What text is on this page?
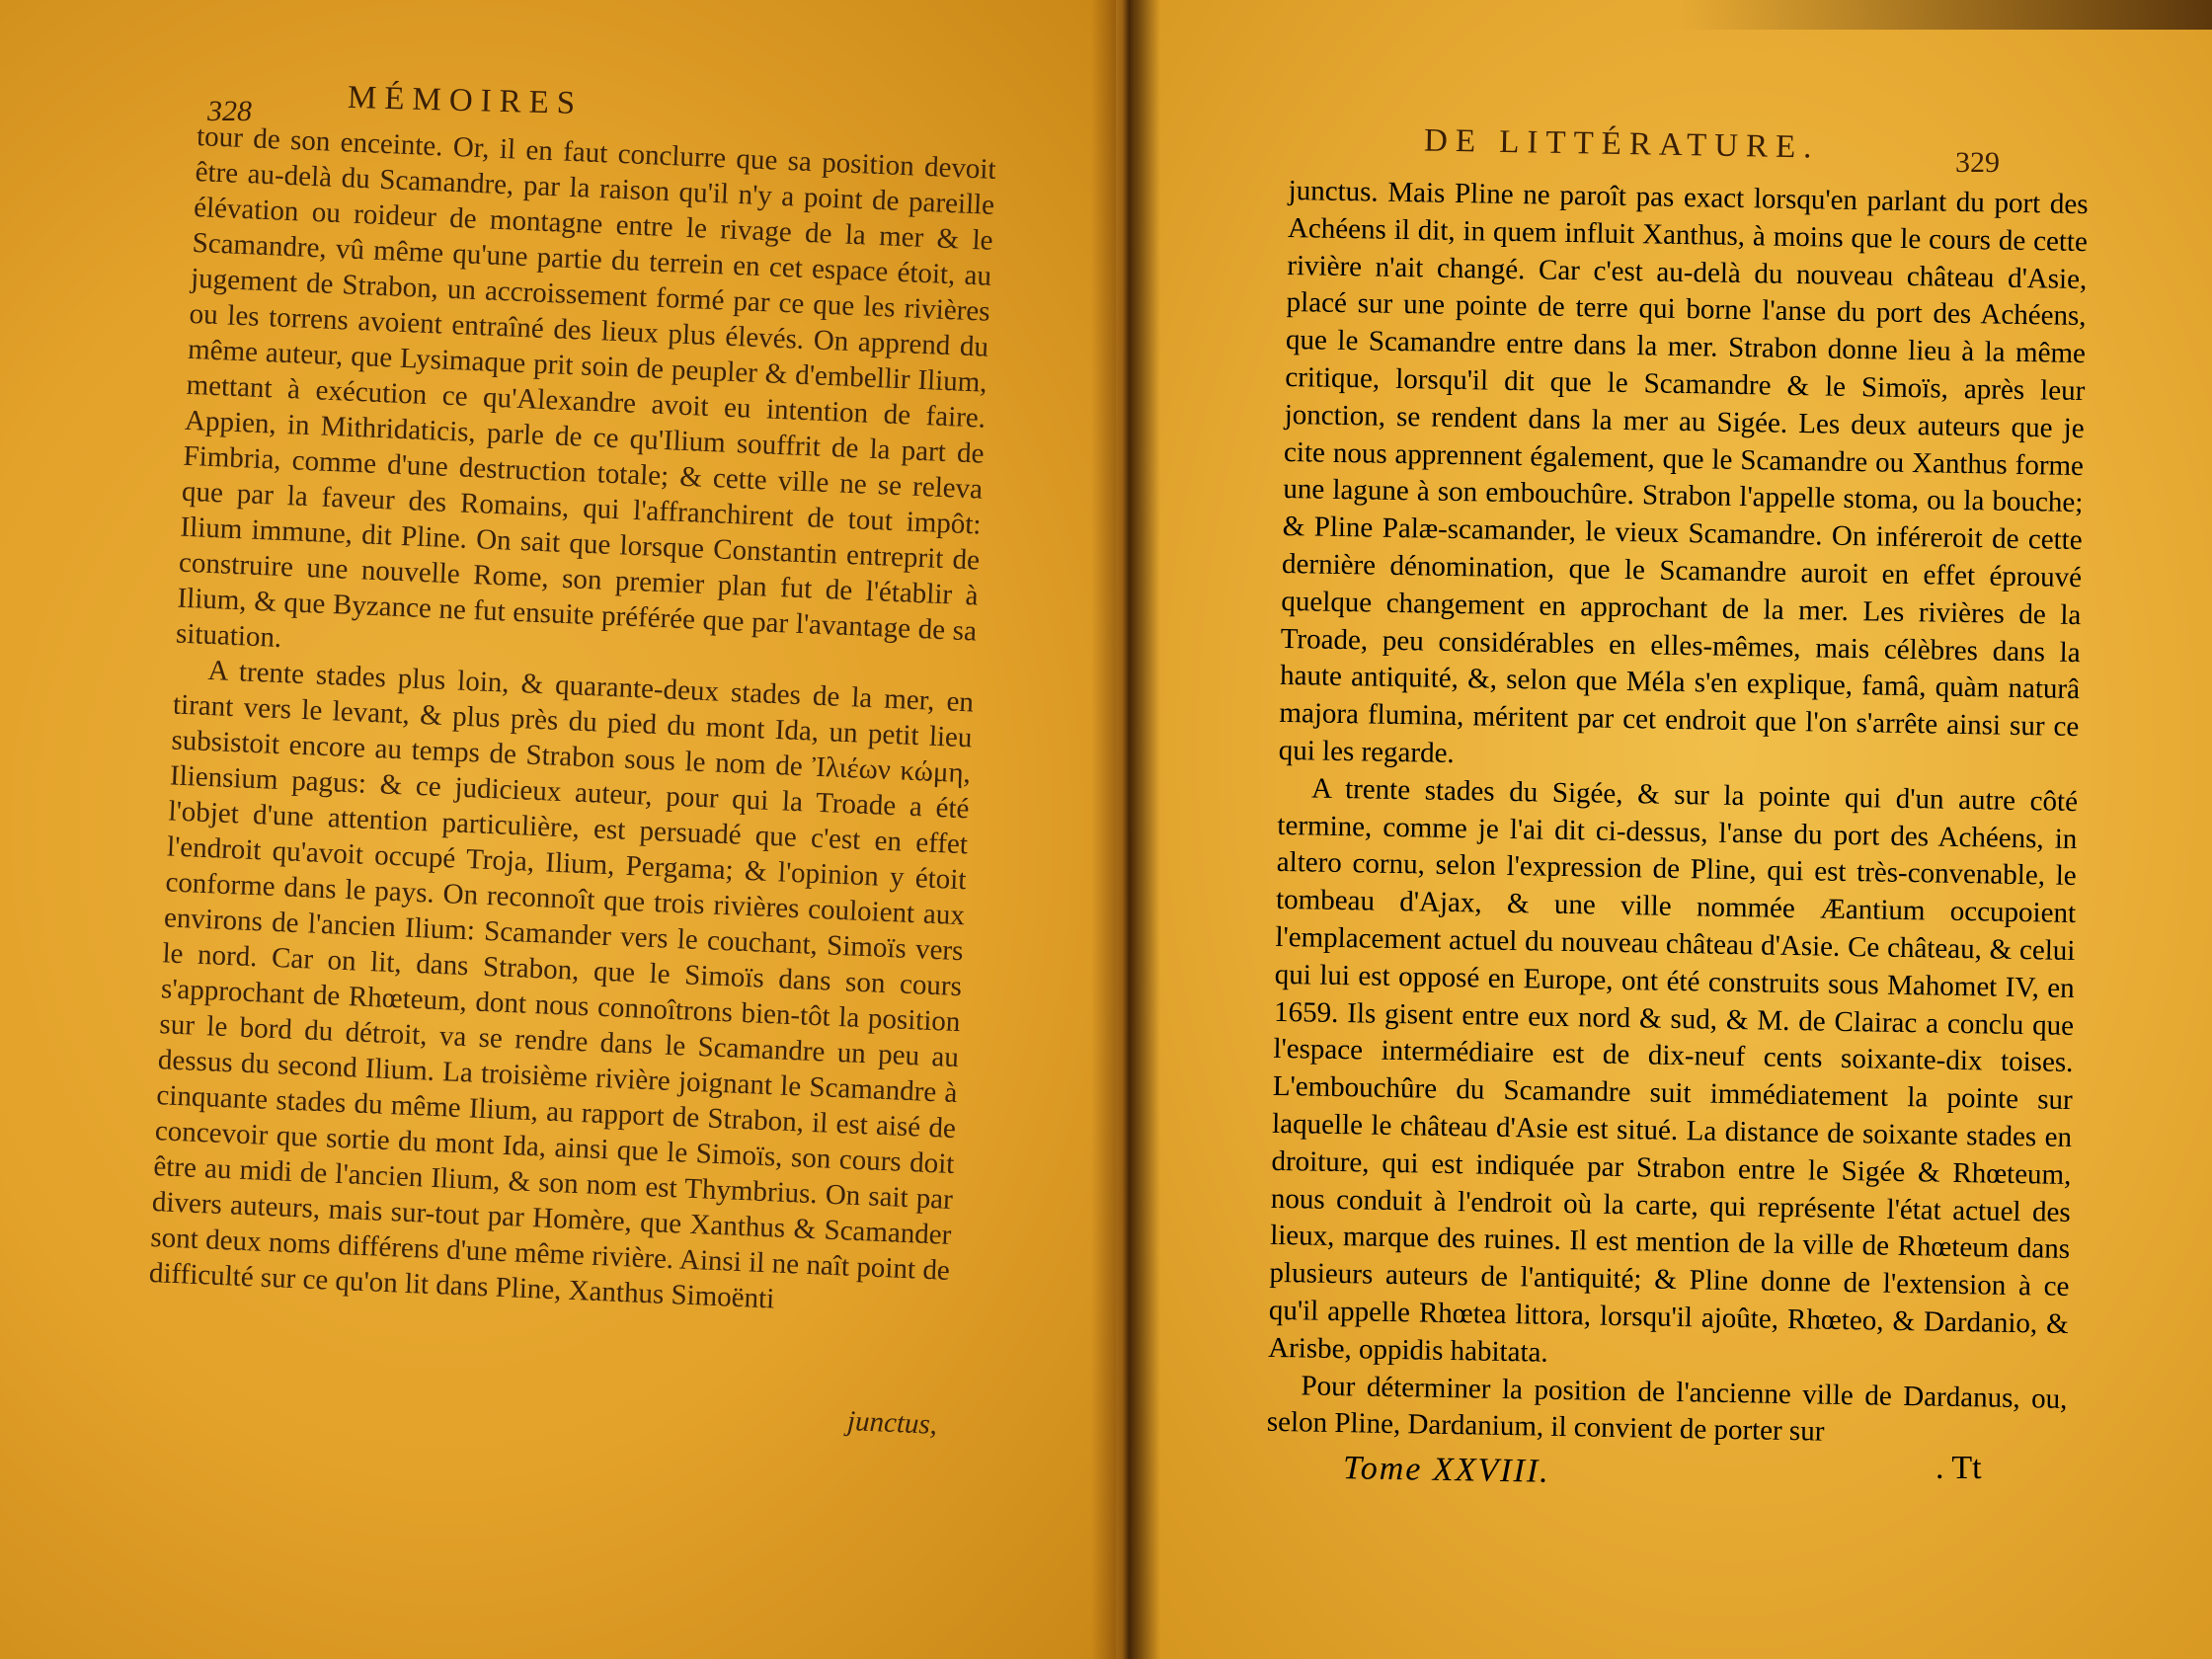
328	MÉMOIRES

tour de son enceinte. Or, il en faut conclurre que sa position devoit être au-delà du Scamandre, par la raison qu'il n'y a point de pareille élévation ou roideur de montagne entre le rivage de la mer & le Scamandre, vû même qu'une partie du terrein en cet espace étoit, au jugement de Strabon, un accroissement formé par ce que les rivières ou les torrens avoient entraîné des lieux plus élevés. On apprend du même auteur, que Lysimaque prit soin de peupler & d'embellir Ilium, mettant à exécution ce qu'Alexandre avoit eu intention de faire. Appien, in Mithridaticis, parle de ce qu'Ilium souffrit de la part de Fimbria, comme d'une destruction totale; & cette ville ne se releva que par la faveur des Romains, qui l'affranchirent de tout impôt: Ilium immune, dit Pline. On sait que lorsque Constantin entreprit de construire une nouvelle Rome, son premier plan fut de l'établir à Ilium, & que Byzance ne fut ensuite préférée que par l'avantage de sa situation.

A trente stades plus loin, & quarante-deux stades de la mer, en tirant vers le levant, & plus près du pied du mont Ida, un petit lieu subsistoit encore au temps de Strabon sous le nom de Ἰλιέων κώμη, Iliensium pagus: & ce judicieux auteur, pour qui la Troade a été l'objet d'une attention particulière, est persuadé que c'est en effet l'endroit qu'avoit occupé Troja, Ilium, Pergama; & l'opinion y étoit conforme dans le pays. On reconnoît que trois rivières couloient aux environs de l'ancien Ilium: Scamander vers le couchant, Simoïs vers le nord. Car on lit, dans Strabon, que le Simoïs dans son cours s'approchant de Rhœteum, dont nous connoîtrons bien-tôt la position sur le bord du détroit, va se rendre dans le Scamandre un peu au dessus du second Ilium. La troisième rivière joignant le Scamandre à cinquante stades du même Ilium, au rapport de Strabon, il est aisé de concevoir que sortie du mont Ida, ainsi que le Simoïs, son cours doit être au midi de l'ancien Ilium, & son nom est Thymbrius. On sait par divers auteurs, mais sur-tout par Homère, que Xanthus & Scamander sont deux noms différens d'une même rivière. Ainsi il ne naît point de difficulté sur ce qu'on lit dans Pline, Xanthus Simoënti

junctus,
DE LITTÉRATURE.	329

junctus. Mais Pline ne paroît pas exact lorsqu'en parlant du port des Achéens il dit, in quem influit Xanthus, à moins que le cours de cette rivière n'ait changé. Car c'est au-delà du nouveau château d'Asie, placé sur une pointe de terre qui borne l'anse du port des Achéens, que le Scamandre entre dans la mer. Strabon donne lieu à la même critique, lorsqu'il dit que le Scamandre & le Simoïs, après leur jonction, se rendent dans la mer au Sigée. Les deux auteurs que je cite nous apprennent également, que le Scamandre ou Xanthus forme une lagune à son embouchûre. Strabon l'appelle stoma, ou la bouche; & Pline Palæ-scamander, le vieux Scamandre. On inféreroit de cette dernière dénomination, que le Scamandre auroit en effet éprouvé quelque changement en approchant de la mer. Les rivières de la Troade, peu considérables en elles-mêmes, mais célèbres dans la haute antiquité, &, selon que Méla s'en explique, famâ, quàm naturâ majora flumina, méritent par cet endroit que l'on s'arrête ainsi sur ce qui les regarde.

A trente stades du Sigée, & sur la pointe qui d'un autre côté termine, comme je l'ai dit ci-dessus, l'anse du port des Achéens, in altero cornu, selon l'expression de Pline, qui est très-convenable, le tombeau d'Ajax, & une ville nommée Æantium occupoient l'emplacement actuel du nouveau château d'Asie. Ce château, & celui qui lui est opposé en Europe, ont été construits sous Mahomet IV, en 1659. Ils gisent entre eux nord & sud, & M. de Clairac a conclu que l'espace intermédiaire est de dix-neuf cents soixante-dix toises. L'embouchûre du Scamandre suit immédiatement la pointe sur laquelle le château d'Asie est situé. La distance de soixante stades en droiture, qui est indiquée par Strabon entre le Sigée & Rhœteum, nous conduit à l'endroit où la carte, qui représente l'état actuel des lieux, marque des ruines. Il est mention de la ville de Rhœteum dans plusieurs auteurs de l'antiquité; & Pline donne de l'extension à ce qu'il appelle Rhœtea littora, lorsqu'il ajoûte, Rhœteo, & Dardanio, & Arisbe, oppidis habitata.

Pour déterminer la position de l'ancienne ville de Dardanus, ou, selon Pline, Dardanium, il convient de porter sur

Tome XXVIII.	. Tt
